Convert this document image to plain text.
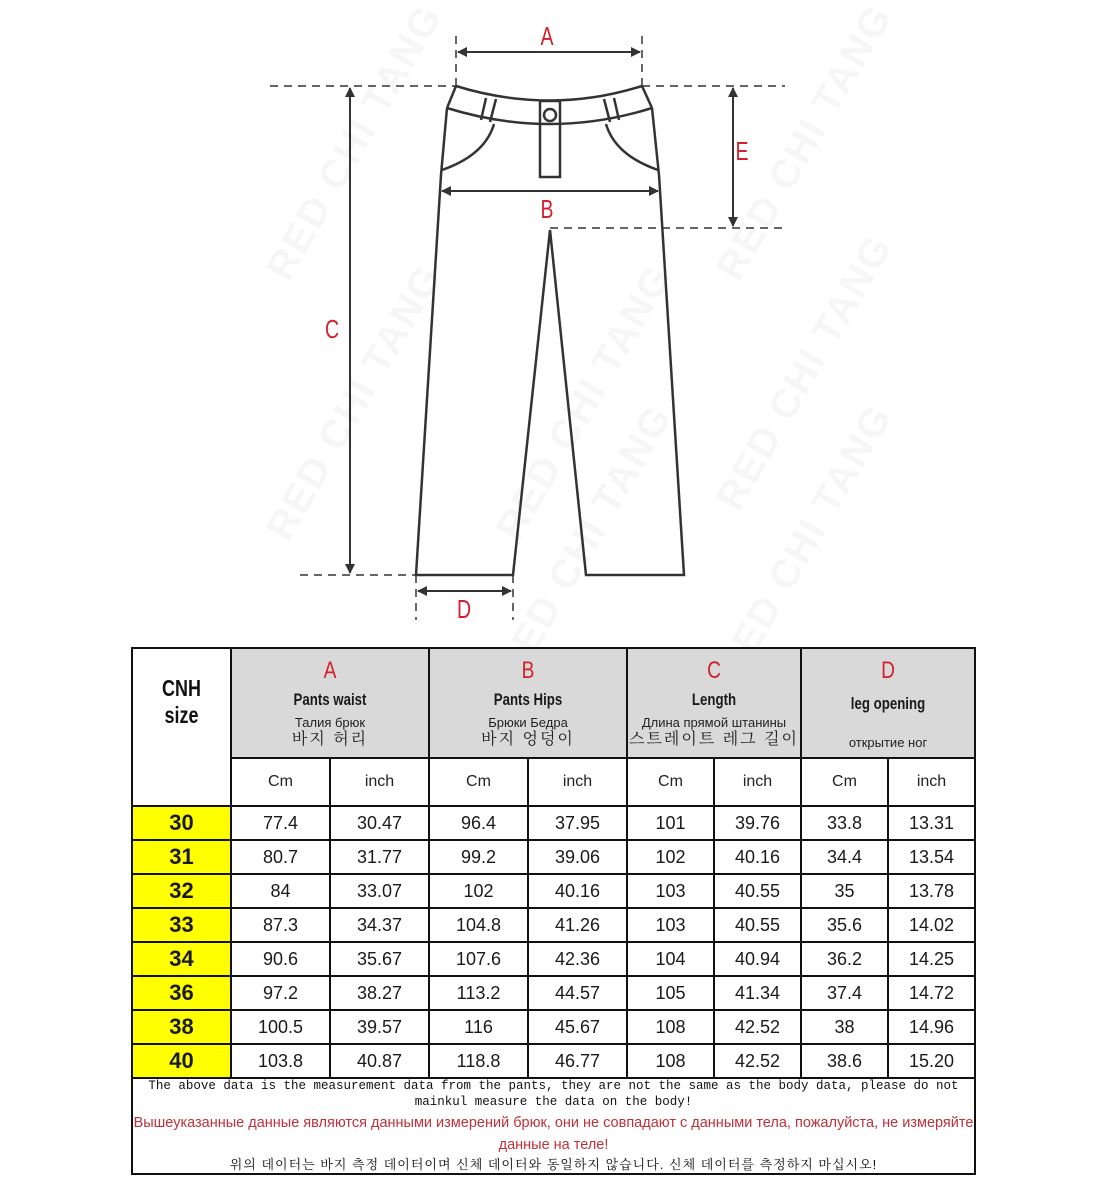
A
B
C
D
E
CNH size	A
Pants waist
Талия брюк
바지 허리		B
Pants Hips
Брюки Бедра
바지 엉덩이		C
Length
Длина прямой штанины
스트레이트 레그 길이		D
leg opening
открытие ног	

	Cm	inch	Cm	inch	Cm	inch	Cm	inch
30	77.4	30.47	96.4	37.95	101	39.76	33.8	13.31
31	80.7	31.77	99.2	39.06	102	40.16	34.4	13.54
32	84	33.07	102	40.16	103	40.55	35	13.78
33	87.3	34.37	104.8	41.26	103	40.55	35.6	14.02
34	90.6	35.67	107.6	42.36	104	40.94	36.2	14.25
36	97.2	38.27	113.2	44.57	105	41.34	37.4	14.72
38	100.5	39.57	116	45.67	108	42.52	38	14.96
40	103.8	40.87	118.8	46.77	108	42.52	38.6	15.20

The above data is the measurement data from the pants, they are not the same as the body data, please do not mainkul measure the data on the body!
Вышеуказанные данные являются данными измерений брюк, они не совпадают с данными тела, пожалуйста, не измеряйте данные на теле!
위의 데이터는 바지 측정 데이터이며 신체 데이터와 동일하지 않습니다. 신체 데이터를 측정하지 마십시오!								
